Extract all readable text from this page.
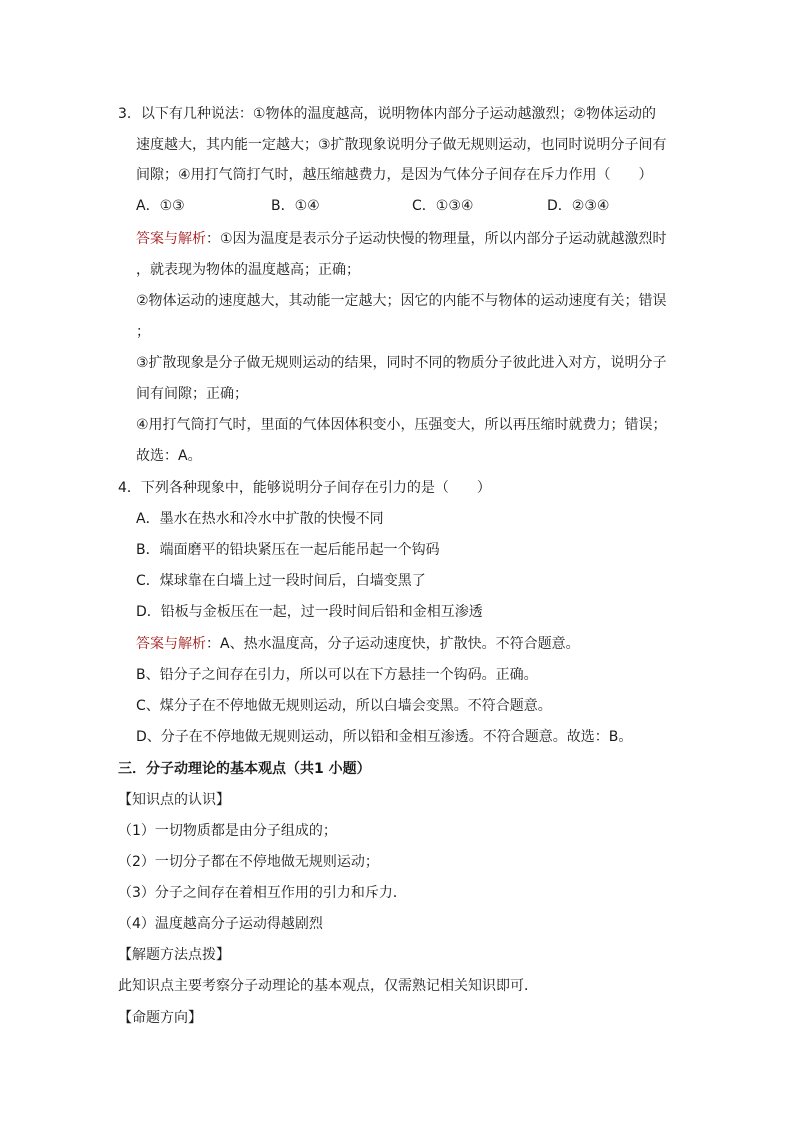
3．以下有几种说法：①物体的温度越高，说明物体内部分子运动越激烈；②物体运动的
速度越大，其内能一定越大；③扩散现象说明分子做无规则运动，也同时说明分子间有
间隙；④用打气筒打气时，越压缩越费力，是因为气体分子间存在斥力作用（　　）
A．①③	B．①④	C．①③④	D．②③④
答案与解析：①因为温度是表示分子运动快慢的物理量，所以内部分子运动就越激烈时
，就表现为物体的温度越高；正确；
②物体运动的速度越大，其动能一定越大；因它的内能不与物体的运动速度有关；错误
；
③扩散现象是分子做无规则运动的结果，同时不同的物质分子彼此进入对方，说明分子
间有间隙；正确；
④用打气筒打气时，里面的气体因体积变小，压强变大，所以再压缩时就费力；错误；
故选：A。
4．下列各种现象中，能够说明分子间存在引力的是（　　）
A．墨水在热水和冷水中扩散的快慢不同
B．端面磨平的铅块紧压在一起后能吊起一个钩码
C．煤球靠在白墙上过一段时间后，白墙变黑了
D．铅板与金板压在一起，过一段时间后铅和金相互渗透
答案与解析：A、热水温度高，分子运动速度快，扩散快。不符合题意。
B、铅分子之间存在引力，所以可以在下方悬挂一个钩码。正确。
C、煤分子在不停地做无规则运动，所以白墙会变黑。不符合题意。
D、分子在不停地做无规则运动，所以铅和金相互渗透。不符合题意。故选：B。
三．分子动理论的基本观点（共1 小题）
【知识点的认识】
（1）一切物质都是由分子组成的；
（2）一切分子都在不停地做无规则运动；
（3）分子之间存在着相互作用的引力和斥力．
（4）温度越高分子运动得越剧烈
【解题方法点拨】
此知识点主要考察分子动理论的基本观点，仅需熟记相关知识即可．
【命题方向】
